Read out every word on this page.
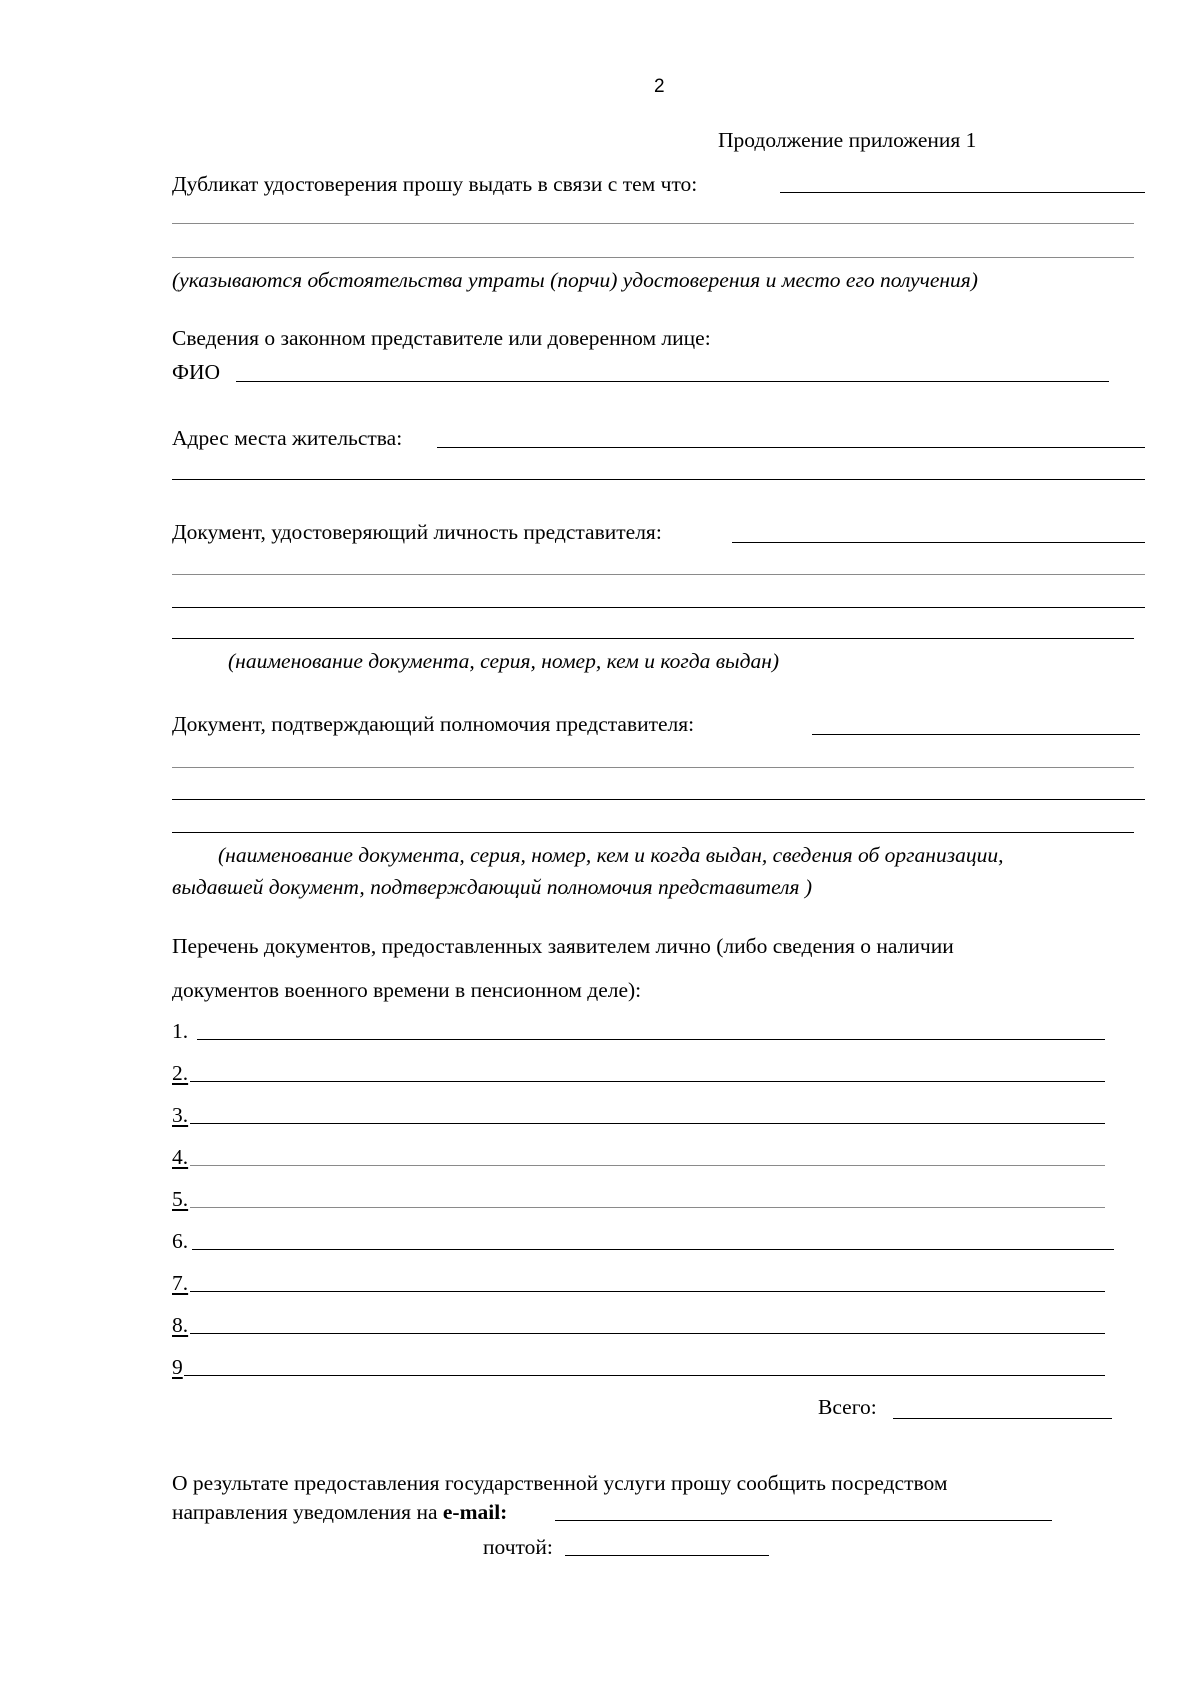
2
Продолжение приложения 1
Дубликат удостоверения прошу выдать в связи с тем что:
(указываются обстоятельства утраты (порчи) удостоверения и место его получения)
Сведения о законном представителе или доверенном лице:
ФИО
Адрес места жительства:
Документ, удостоверяющий личность представителя:
(наименование документа, серия, номер, кем и когда выдан)
Документ, подтверждающий полномочия представителя:
(наименование документа, серия, номер, кем и когда выдан, сведения об организации,
выдавшей документ, подтверждающий полномочия представителя )
Перечень документов, предоставленных заявителем лично (либо сведения о наличии
документов военного времени в пенсионном деле):
1.
2.
3.
4.
5.
6.
7.
8.
9
Всего:
О результате предоставления государственной услуги прошу сообщить посредством
направления уведомления на e-mail:
почтой:
